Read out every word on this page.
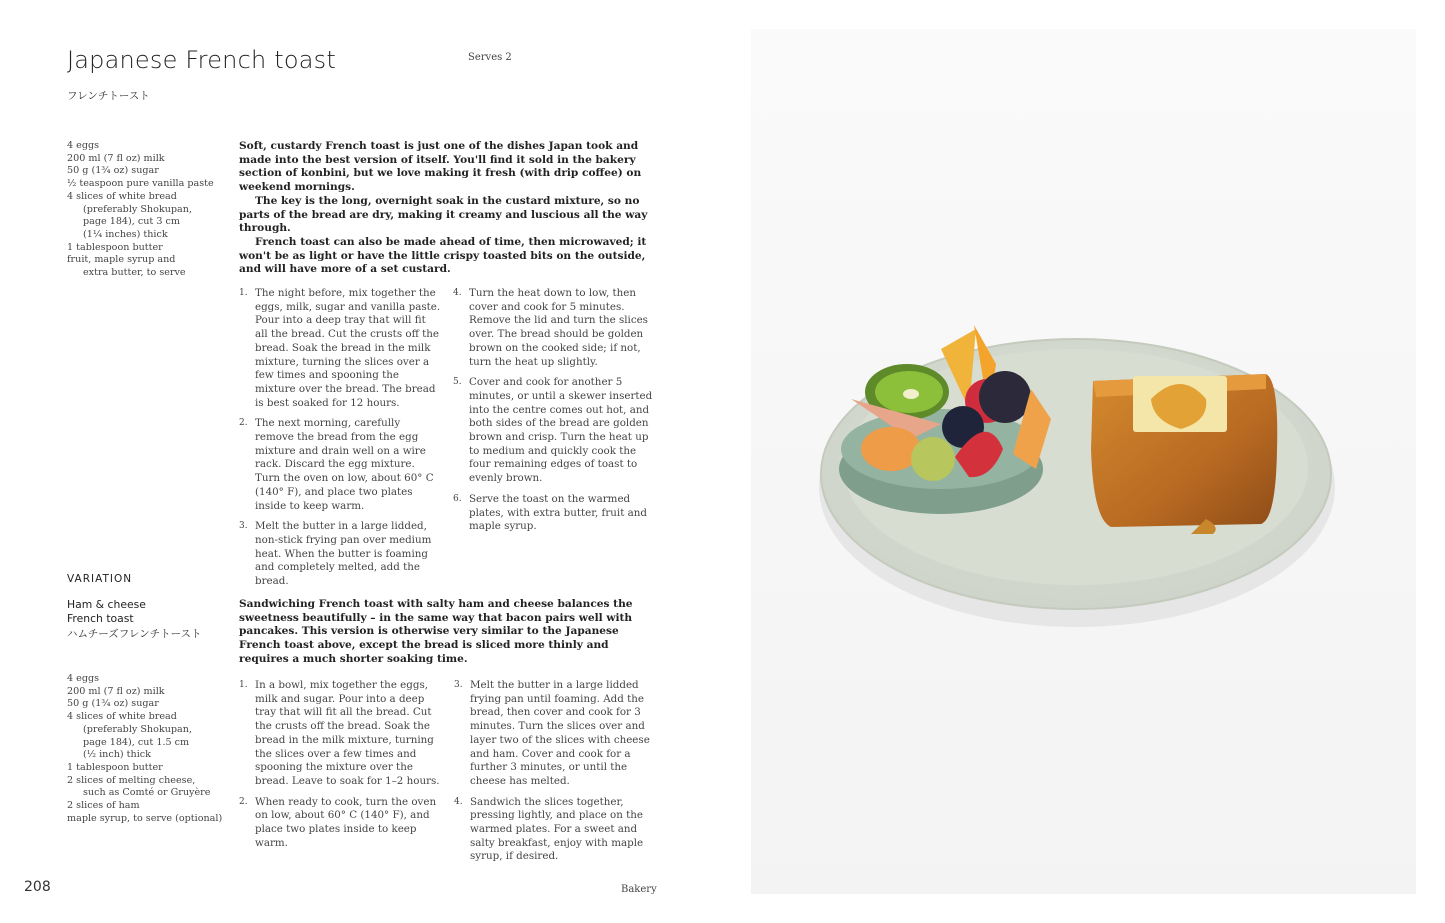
Japanese French toast
フレンチトースト
Serves 2
4 eggs
200 ml (7 fl oz) milk
50 g (1¾ oz) sugar
½ teaspoon pure vanilla paste
4 slices of white bread
(preferably Shokupan,
page 184), cut 3 cm
(1¼ inches) thick
1 tablespoon butter
fruit, maple syrup and
extra butter, to serve

Soft, custardy French toast is just one of the dishes Japan took and made into the best version of itself. You'll find it sold in the bakery section of konbini, but we love making it fresh (with drip coffee) on weekend mornings.

The key is the long, overnight soak in the custard mixture, so no parts of the bread are dry, making it creamy and luscious all the way through.

French toast can also be made ahead of time, then microwaved; it won't be as light or have the little crispy toasted bits on the outside, and will have more of a set custard.

1. The night before, mix together the eggs, milk, sugar and vanilla paste. Pour into a deep tray that will fit all the bread. Cut the crusts off the bread. Soak the bread in the milk mixture, turning the slices over a few times and spooning the mixture over the bread. The bread is best soaked for 12 hours.
2. The next morning, carefully remove the bread from the egg mixture and drain well on a wire rack. Discard the egg mixture. Turn the oven on low, about 60° C (140° F), and place two plates inside to keep warm.
3. Melt the butter in a large lidded, non-stick frying pan over medium heat. When the butter is foaming and completely melted, add the bread.
4. Turn the heat down to low, then cover and cook for 5 minutes. Remove the lid and turn the slices over. The bread should be golden brown on the cooked side; if not, turn the heat up slightly.
5. Cover and cook for another 5 minutes, or until a skewer inserted into the centre comes out hot, and both sides of the bread are golden brown and crisp. Turn the heat up to medium and quickly cook the four remaining edges of toast to evenly brown.
6. Serve the toast on the warmed plates, with extra butter, fruit and maple syrup.
VARIATION
Ham & cheese
French toast
ハムチーズフレンチトースト
4 eggs
200 ml (7 fl oz) milk
50 g (1¾ oz) sugar
4 slices of white bread
(preferably Shokupan,
page 184), cut 1.5 cm
(½ inch) thick
1 tablespoon butter
2 slices of melting cheese,
such as Comté or Gruyère
2 slices of ham
maple syrup, to serve (optional)

Sandwiching French toast with salty ham and cheese balances the sweetness beautifully – in the same way that bacon pairs well with pancakes. This version is otherwise very similar to the Japanese French toast above, except the bread is sliced more thinly and requires a much shorter soaking time.

1. In a bowl, mix together the eggs, milk and sugar. Pour into a deep tray that will fit all the bread. Cut the crusts off the bread. Soak the bread in the milk mixture, turning the slices over a few times and spooning the mixture over the bread. Leave to soak for 1–2 hours.
2. When ready to cook, turn the oven on low, about 60° C (140° F), and place two plates inside to keep warm.
3. Melt the butter in a large lidded frying pan until foaming. Add the bread, then cover and cook for 3 minutes. Turn the slices over and layer two of the slices with cheese and ham. Cover and cook for a further 3 minutes, or until the cheese has melted.
4. Sandwich the slices together, pressing lightly, and place on the warmed plates. For a sweet and salty breakfast, enjoy with maple syrup, if desired.
208	Bakery
